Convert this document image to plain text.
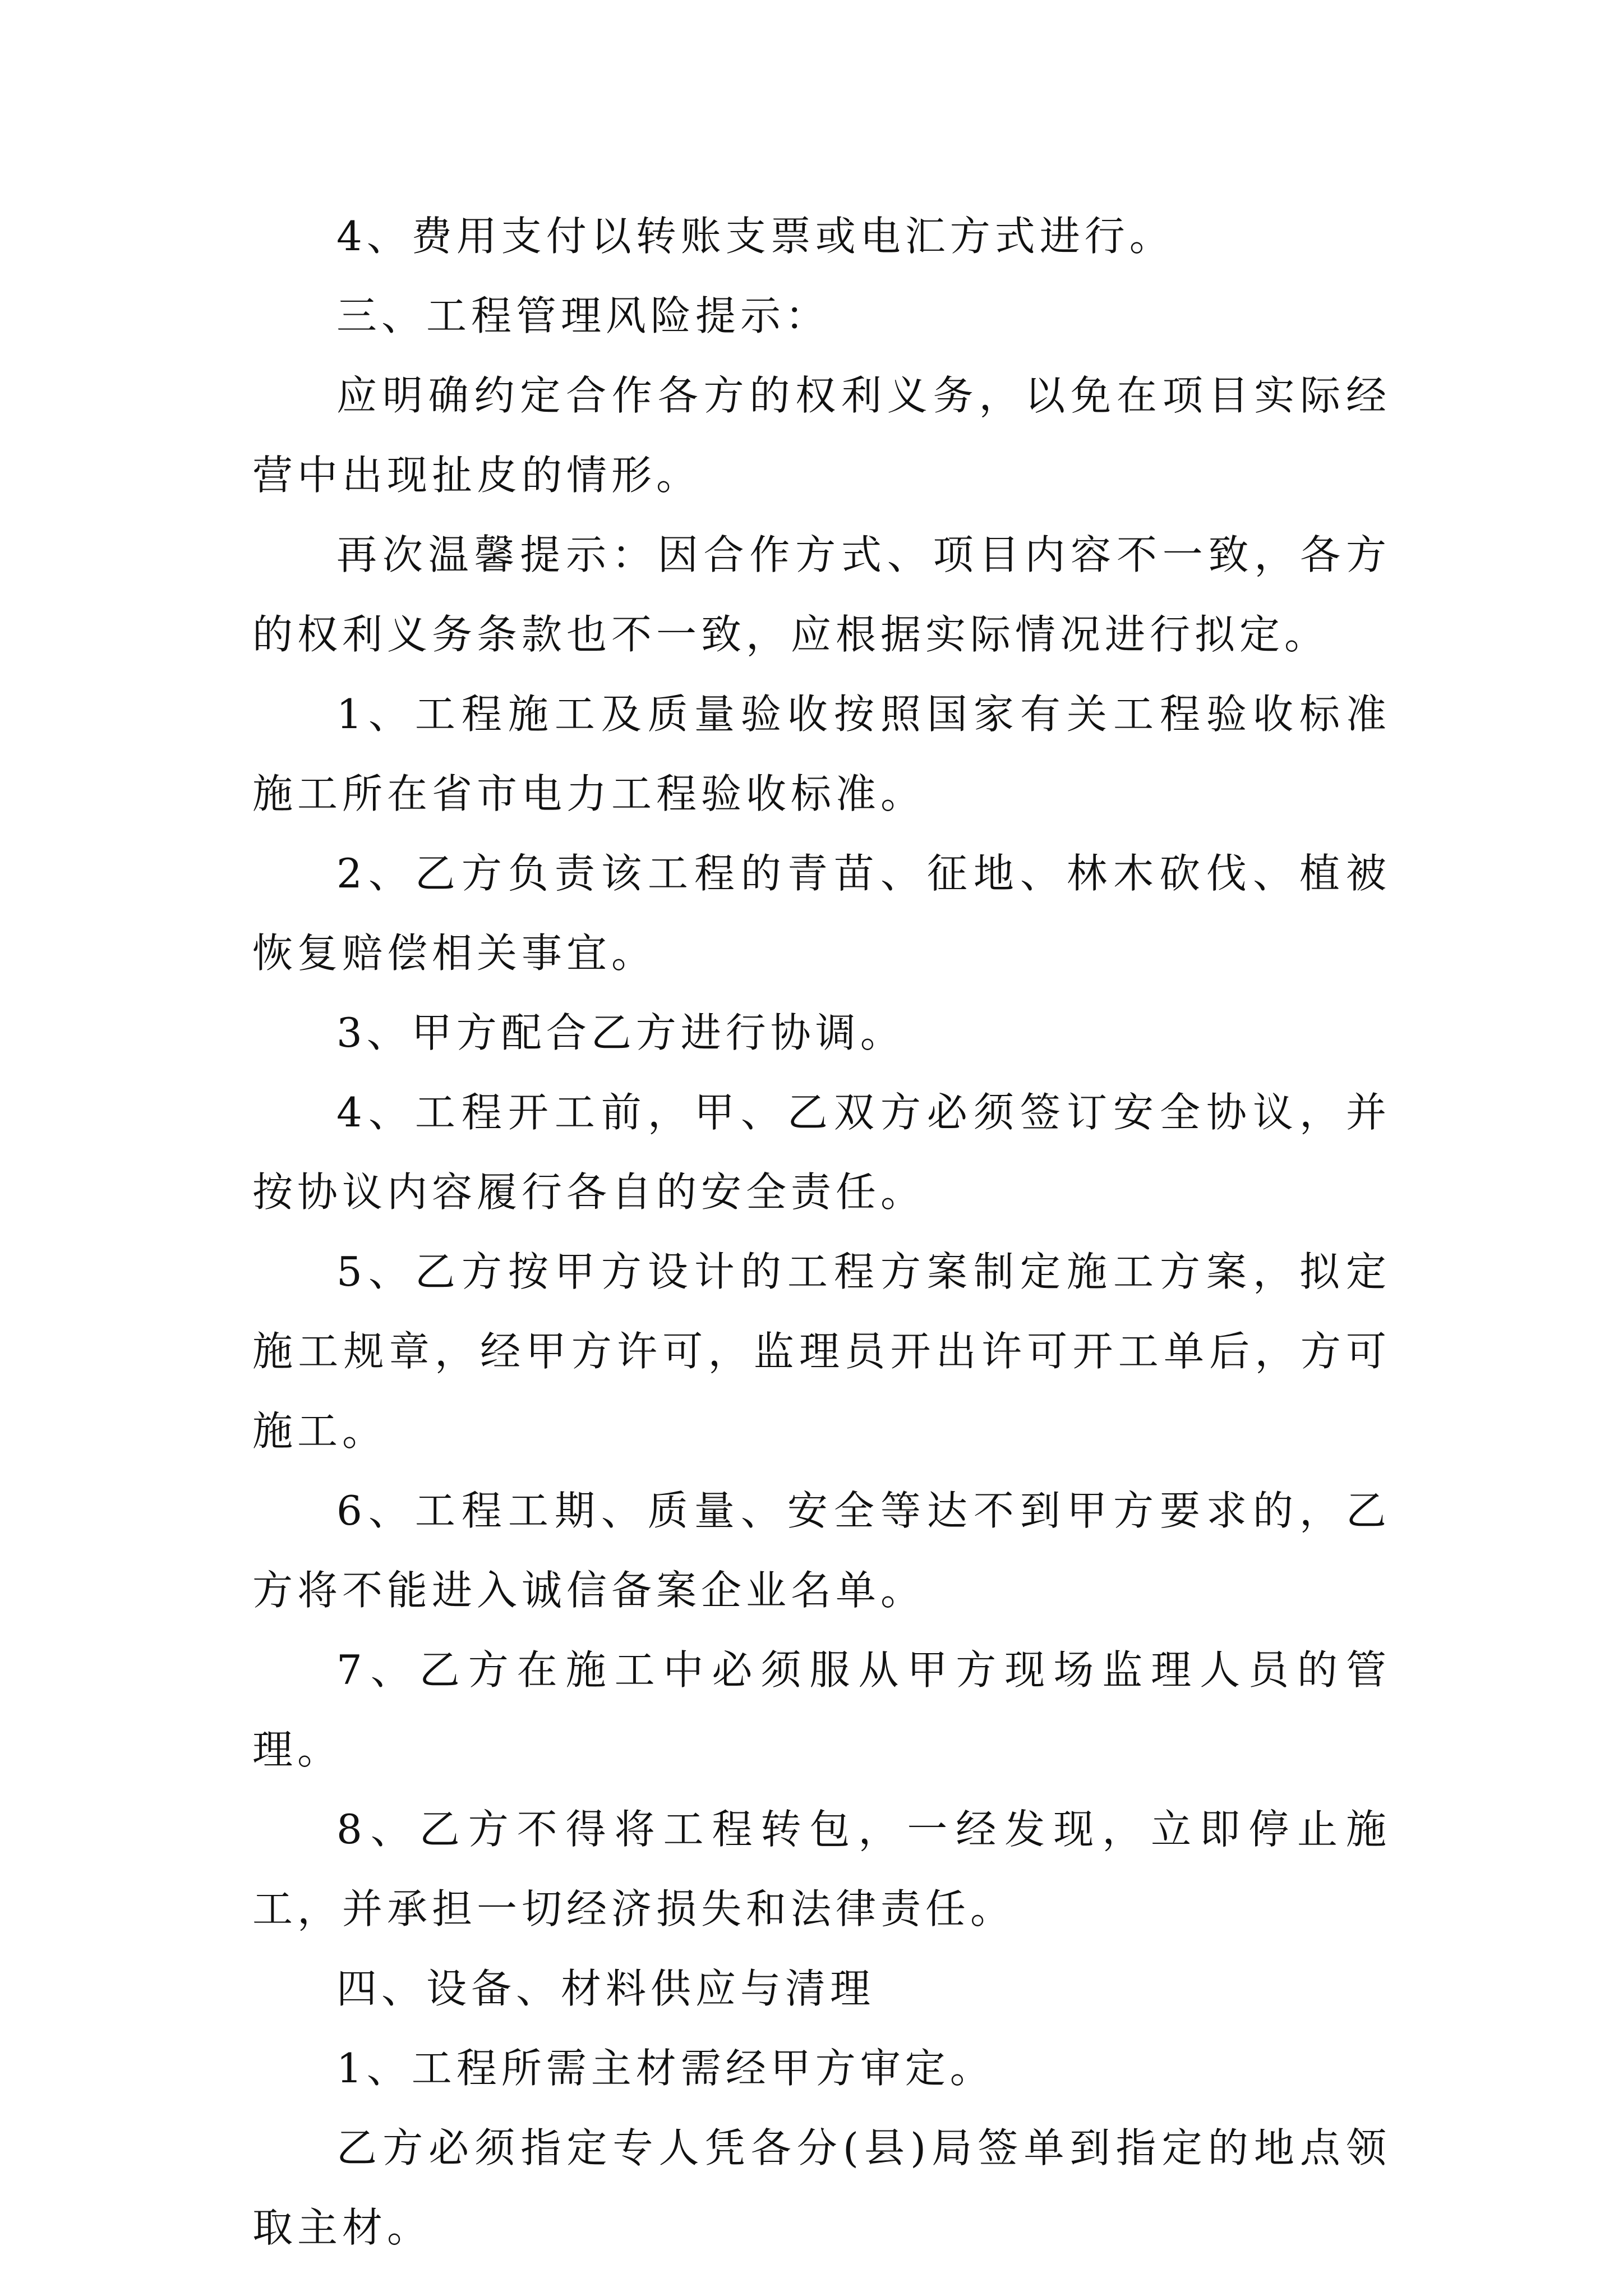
4、费用支付以转账支票或电汇方式进行。

三、工程管理风险提示：

应明确约定合作各方的权利义务，以免在项目实际经营中出现扯皮的情形。

再次温馨提示：因合作方式、项目内容不一致，各方的权利义务条款也不一致，应根据实际情况进行拟定。

1、工程施工及质量验收按照国家有关工程验收标准施工所在省市电力工程验收标准。

2、乙方负责该工程的青苗、征地、林木砍伐、植被恢复赔偿相关事宜。

3、甲方配合乙方进行协调。

4、工程开工前，甲、乙双方必须签订安全协议，并按协议内容履行各自的安全责任。

5、乙方按甲方设计的工程方案制定施工方案，拟定施工规章，经甲方许可，监理员开出许可开工单后，方可施工。

6、工程工期、质量、安全等达不到甲方要求的，乙方将不能进入诚信备案企业名单。

7、乙方在施工中必须服从甲方现场监理人员的管理。

8、乙方不得将工程转包，一经发现，立即停止施工，并承担一切经济损失和法律责任。

四、设备、材料供应与清理

1、工程所需主材需经甲方审定。

乙方必须指定专人凭各分(县)局签单到指定的地点领取主材。
